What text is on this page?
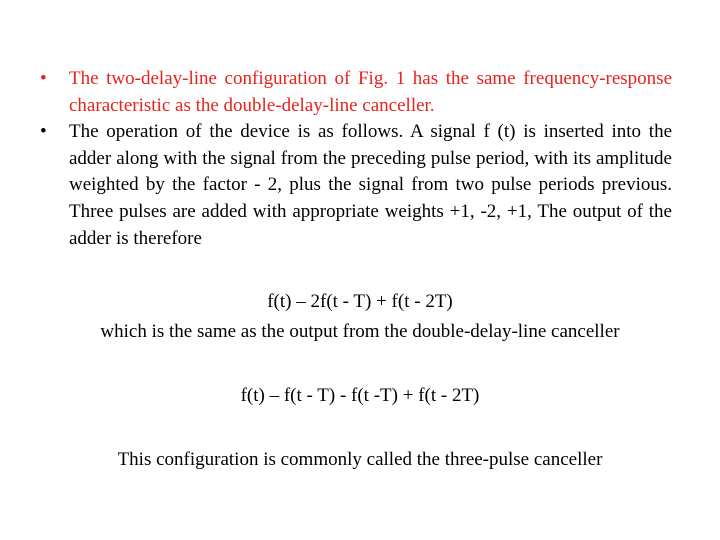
• The two-delay-line configuration of Fig. 1 has the same frequency-response characteristic as the double-delay-line canceller.
• The operation of the device is as follows. A signal f (t) is inserted into the adder along with the signal from the preceding pulse period, with its amplitude weighted by the factor - 2, plus the signal from two pulse periods previous. Three pulses are added with appropriate weights +1, -2, +1, The output of the adder is therefore
f(t) – 2f(t - T) + f(t - 2T)
which is the same as the output from the double-delay-line canceller
f(t) – f(t - T) - f(t -T) + f(t - 2T)
This configuration is commonly called the three-pulse canceller
